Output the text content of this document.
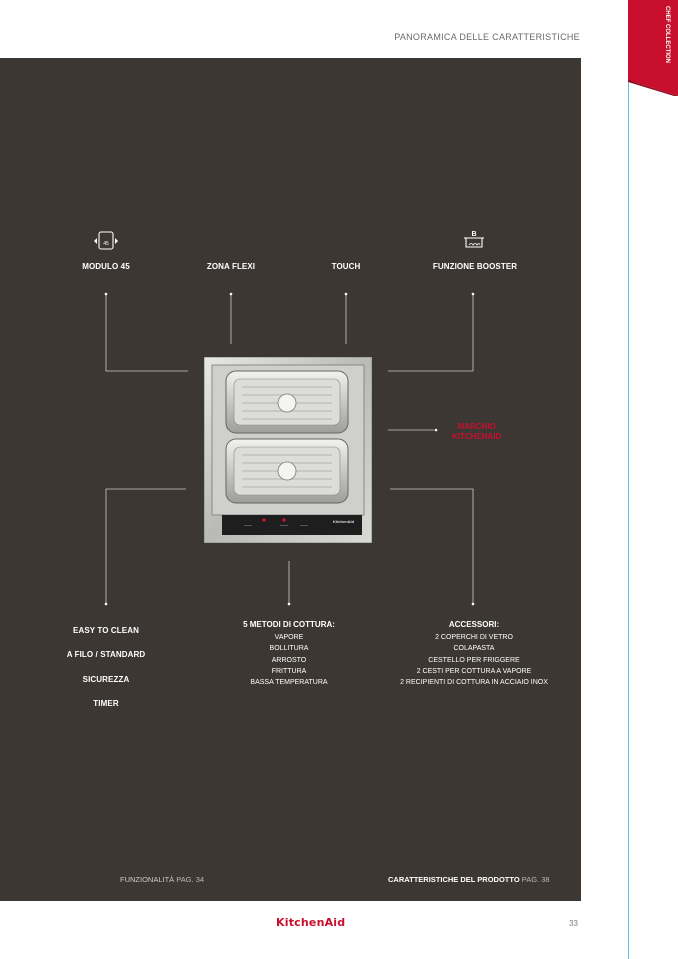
PANORAMICA DELLE CARATTERISTICHE	CHEF COLLECTION
KitchenAid
45
MODULO 45	ZONA FLEXI	TOUCH
B
FUNZIONE BOOSTER
MARCHIO
KITCHENAID
EASY TO CLEAN
A FILO / STANDARD
SICUREZZA
TIMER
5 METODI DI COTTURA:
VAPORE
BOLLITURA
ARROSTO
FRITTURA
BASSA TEMPERATURA
ACCESSORI:
2 COPERCHI DI VETRO
COLAPASTA
CESTELLO PER FRIGGERE
2 CESTI PER COTTURA A VAPORE
2 RECIPIENTI DI COTTURA IN ACCIAIO INOX
FUNZIONALITÀ PAG. 34	CARATTERISTICHE DEL PRODOTTO PAG. 38
KitchenAid	33
